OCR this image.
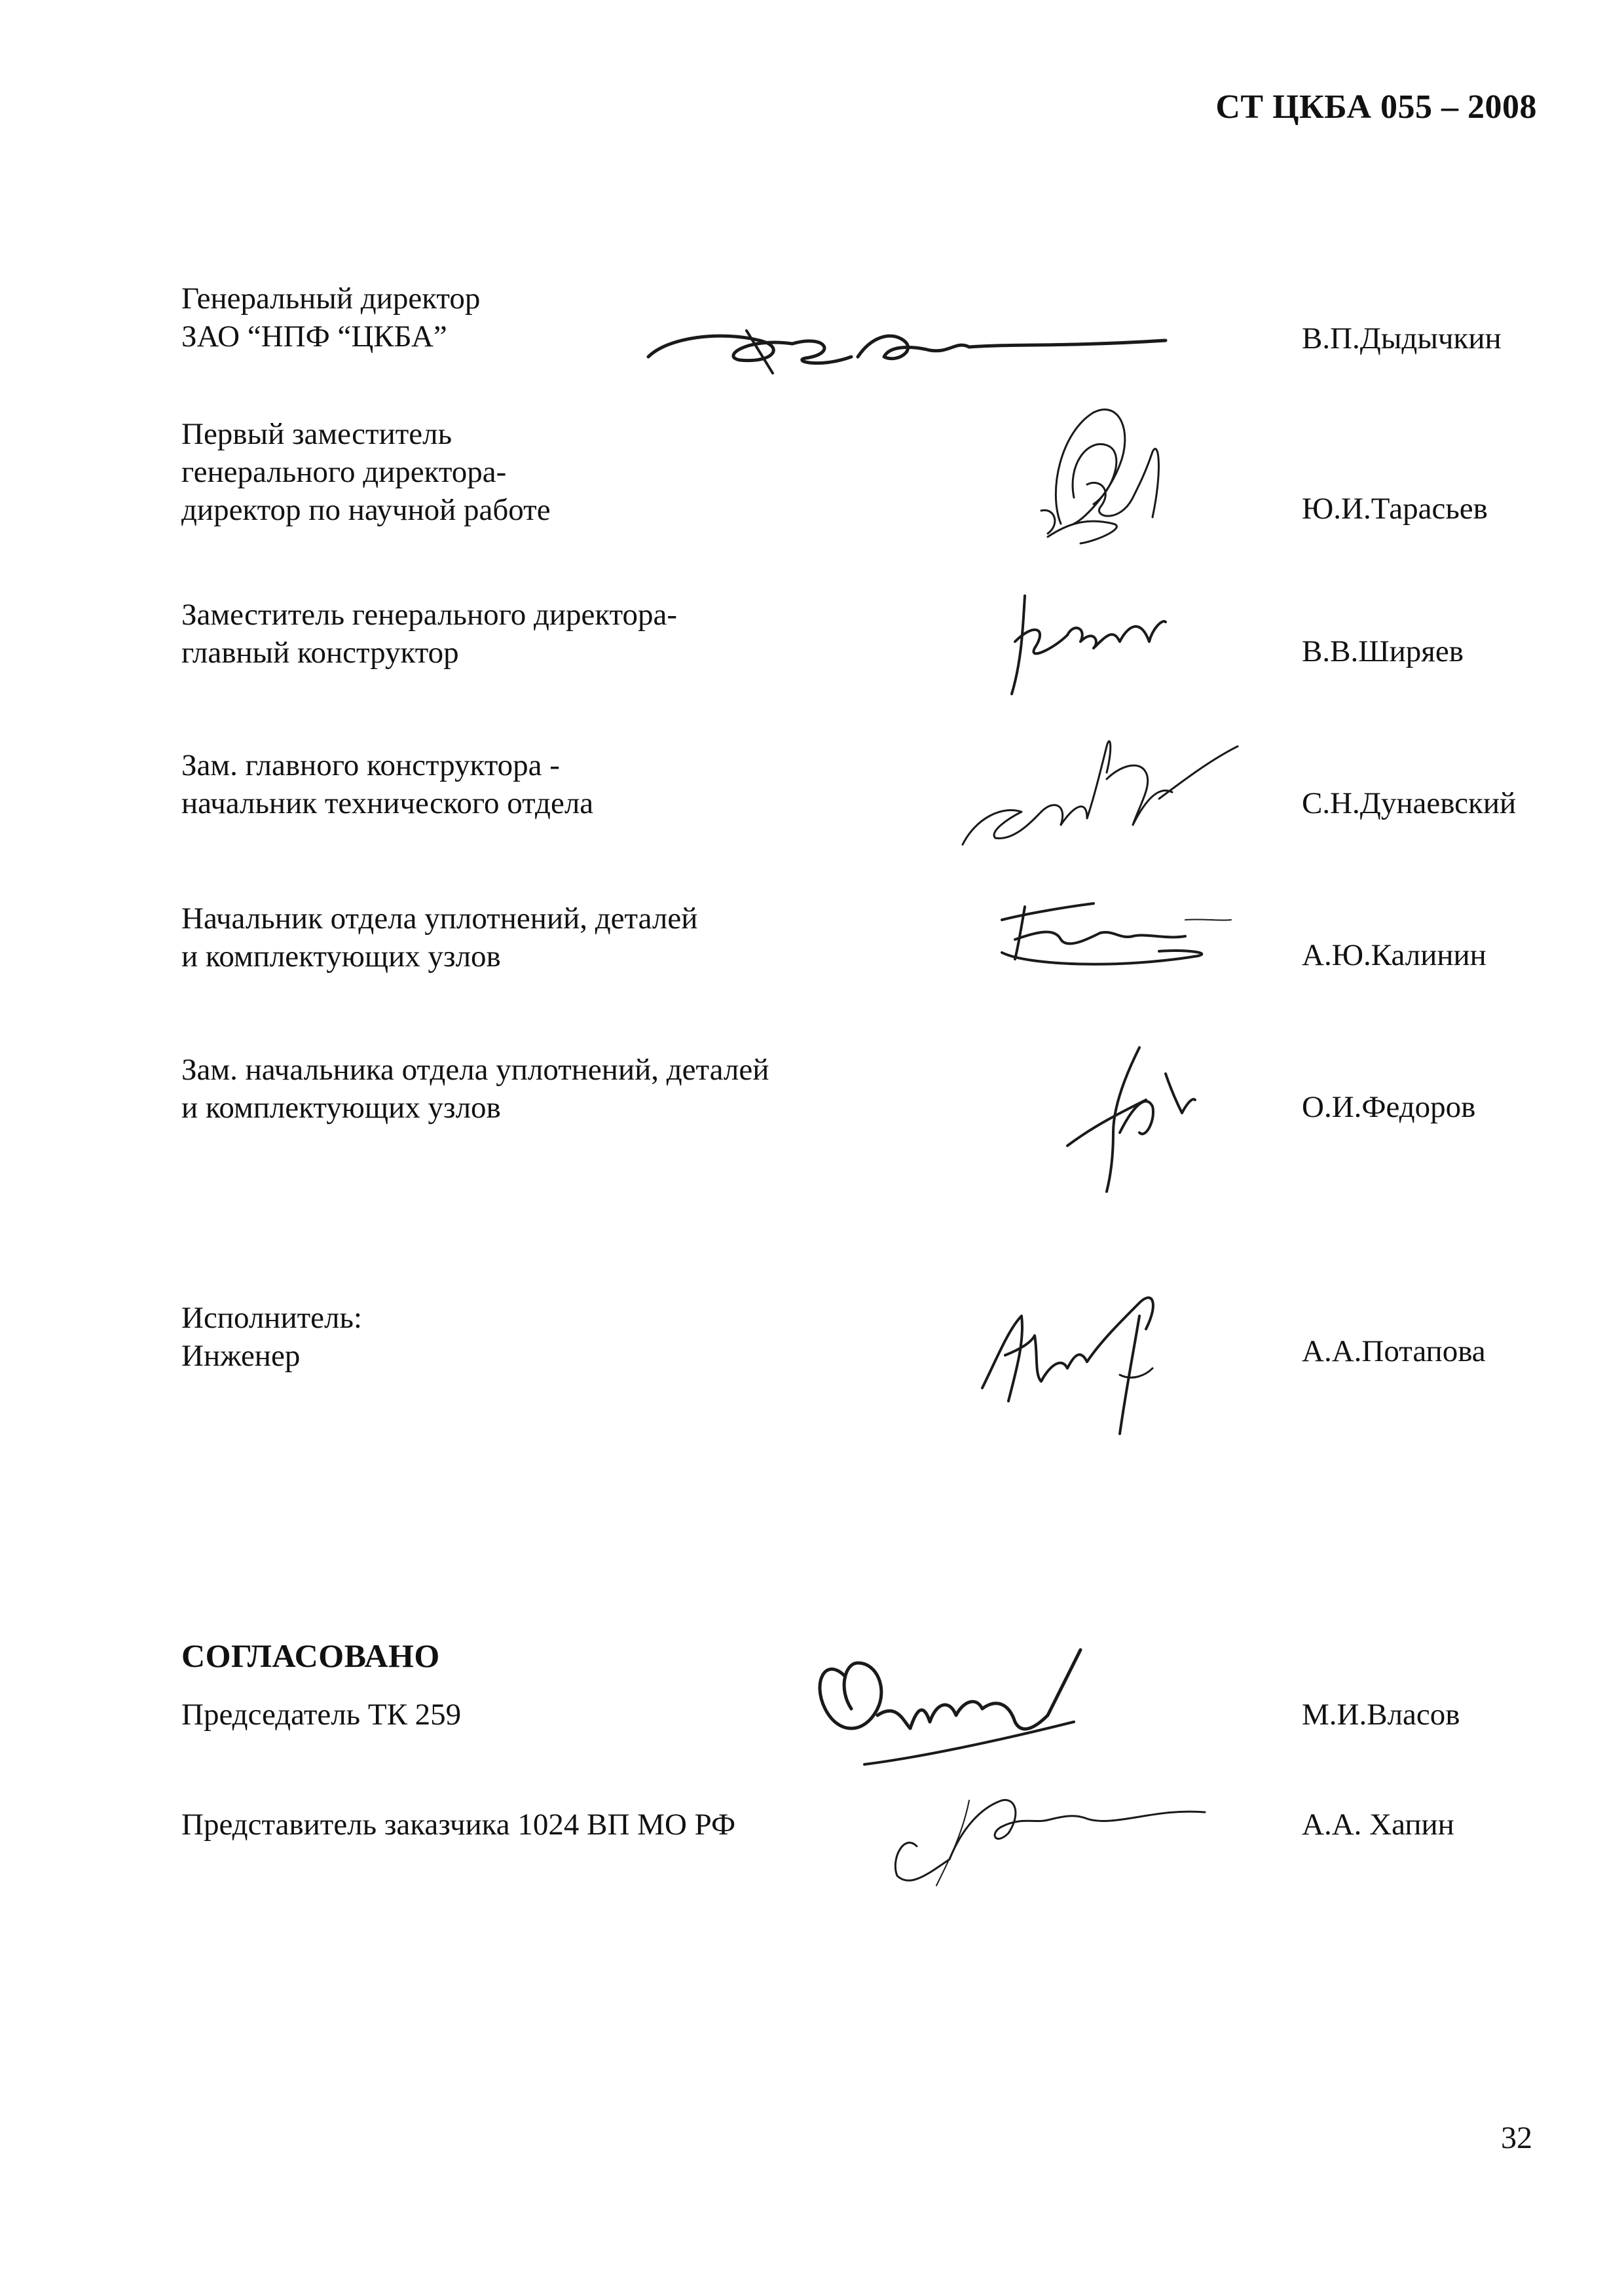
СТ ЦКБА 055 – 2008
Генеральный директор
ЗАО “НПФ “ЦКБА”	В.П.Дыдычкин
Первый заместитель
генерального директора-
директор по научной работе	Ю.И.Тарасьев
Заместитель генерального директора-
главный конструктор	В.В.Ширяев
Зам. главного конструктора -
начальник технического отдела	С.Н.Дунаевский
Начальник отдела уплотнений, деталей
и комплектующих узлов	А.Ю.Калинин
Зам. начальника отдела уплотнений, деталей
и комплектующих узлов	О.И.Федоров
Исполнитель:
Инженер	А.А.Потапова
СОГЛАСОВАНО
Председатель ТК 259	М.И.Власов
Представитель заказчика 1024 ВП МО РФ	А.А. Хапин
32
